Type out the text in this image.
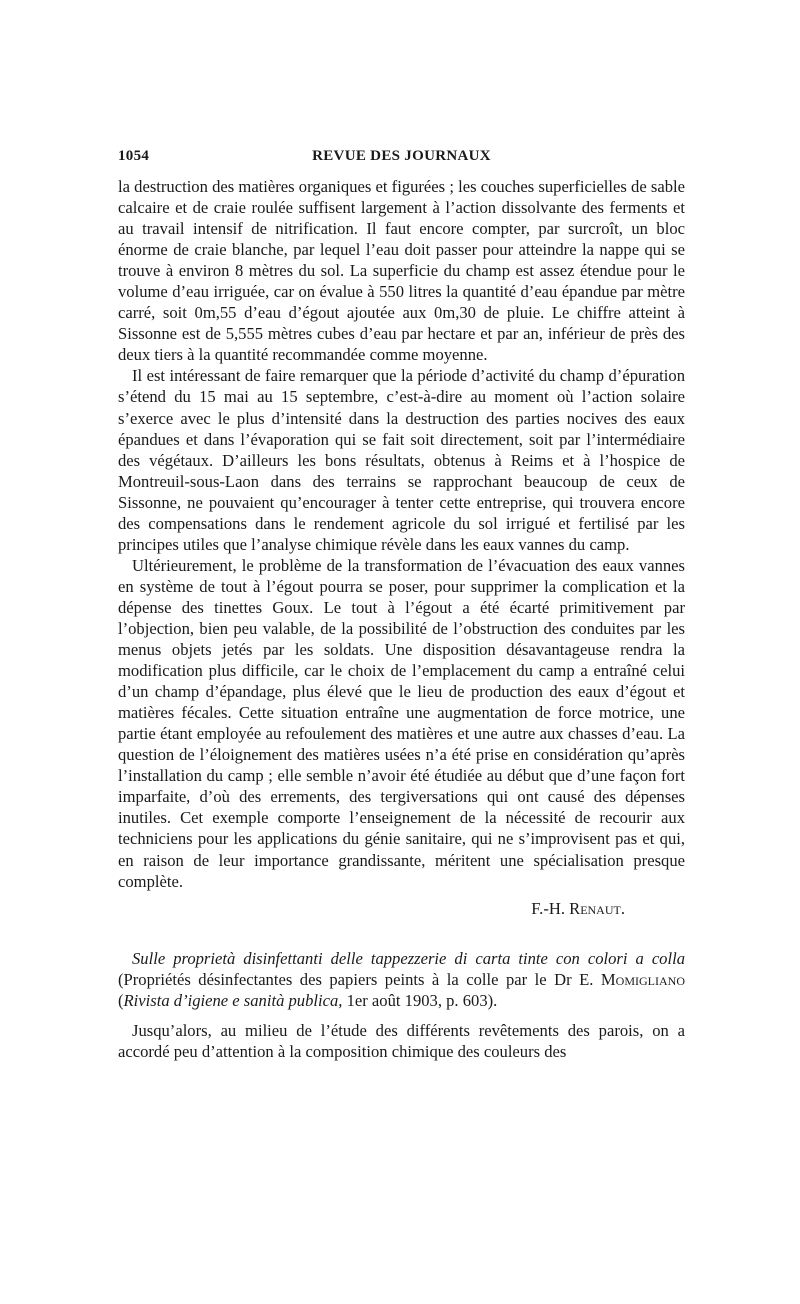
1054	REVUE DES JOURNAUX

la destruction des matières organiques et figurées ; les couches superficielles de sable calcaire et de craie roulée suffisent largement à l’action dissolvante des ferments et au travail intensif de nitrification. Il faut encore compter, par surcroît, un bloc énorme de craie blanche, par lequel l’eau doit passer pour atteindre la nappe qui se trouve à environ 8 mètres du sol. La superficie du champ est assez étendue pour le volume d’eau irriguée, car on évalue à 550 litres la quantité d’eau épandue par mètre carré, soit 0m,55 d’eau d’égout ajoutée aux 0m,30 de pluie. Le chiffre atteint à Sissonne est de 5,555 mètres cubes d’eau par hectare et par an, inférieur de près des deux tiers à la quantité recommandée comme moyenne.

Il est intéressant de faire remarquer que la période d’activité du champ d’épuration s’étend du 15 mai au 15 septembre, c’est-à-dire au moment où l’action solaire s’exerce avec le plus d’intensité dans la destruction des parties nocives des eaux épandues et dans l’évaporation qui se fait soit directement, soit par l’intermédiaire des végétaux. D’ailleurs les bons résultats, obtenus à Reims et à l’hospice de Montreuil-sous-Laon dans des terrains se rapprochant beaucoup de ceux de Sissonne, ne pouvaient qu’encourager à tenter cette entreprise, qui trouvera encore des compensations dans le rendement agricole du sol irrigué et fertilisé par les principes utiles que l’analyse chimique révèle dans les eaux vannes du camp.

Ultérieurement, le problème de la transformation de l’évacuation des eaux vannes en système de tout à l’égout pourra se poser, pour supprimer la complication et la dépense des tinettes Goux. Le tout à l’égout a été écarté primitivement par l’objection, bien peu valable, de la possibilité de l’obstruction des conduites par les menus objets jetés par les soldats. Une disposition désavantageuse rendra la modification plus difficile, car le choix de l’emplacement du camp a entraîné celui d’un champ d’épandage, plus élevé que le lieu de production des eaux d’égout et matières fécales. Cette situation entraîne une augmentation de force motrice, une partie étant employée au refoulement des matières et une autre aux chasses d’eau. La question de l’éloignement des matières usées n’a été prise en considération qu’après l’installation du camp ; elle semble n’avoir été étudiée au début que d’une façon fort imparfaite, d’où des errements, des tergiversations qui ont causé des dépenses inutiles. Cet exemple comporte l’enseignement de la nécessité de recourir aux techniciens pour les applications du génie sanitaire, qui ne s’improvisent pas et qui, en raison de leur importance grandissante, méritent une spécialisation presque complète.

F.-H. Renaut.

Sulle proprietà disinfettanti delle tappezzerie di carta tinte con colori a colla (Propriétés désinfectantes des papiers peints à la colle par le Dr E. Momigliano (Rivista d’igiene e sanità publica, 1er août 1903, p. 603).

Jusqu’alors, au milieu de l’étude des différents revêtements des parois, on a accordé peu d’attention à la composition chimique des couleurs des
